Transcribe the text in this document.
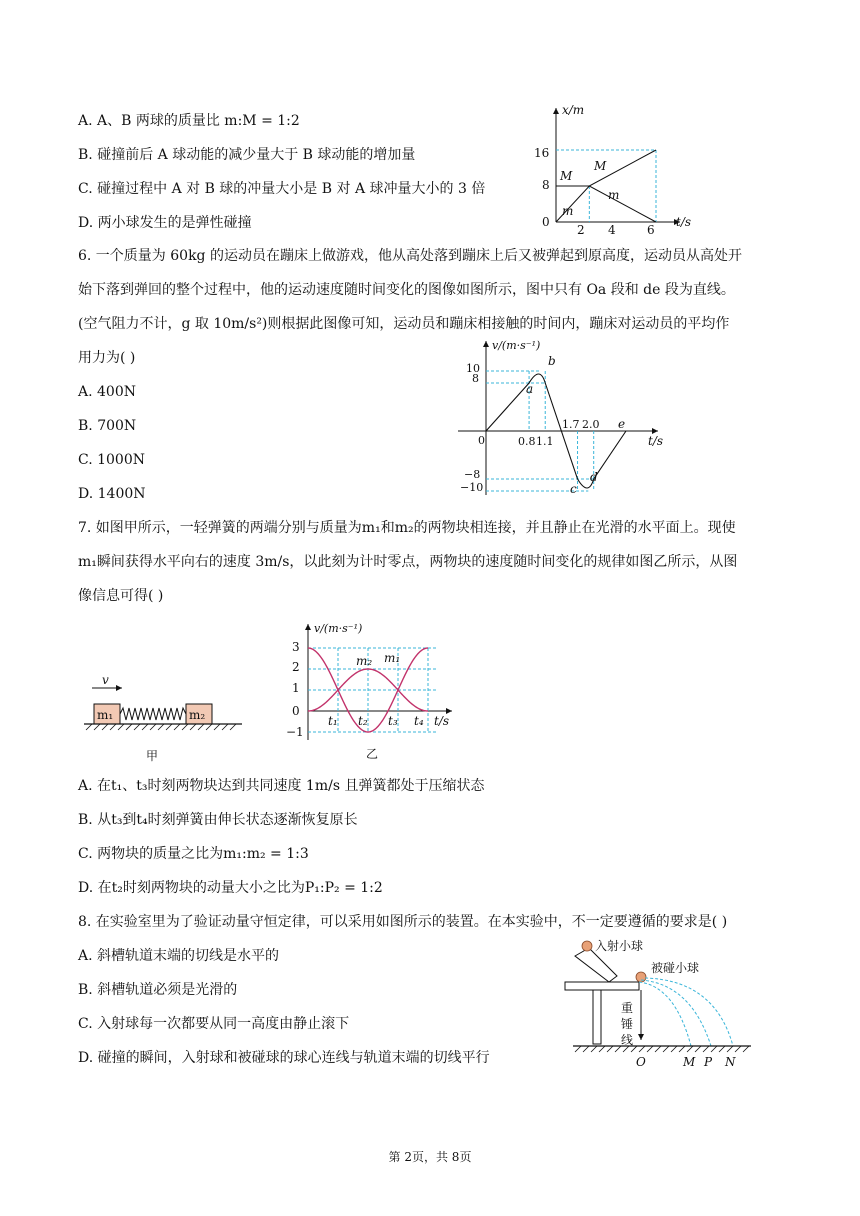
A. A、B 两球的质量比 m:M = 1:2
B. 碰撞前后 A 球动能的减少量大于 B 球动能的增加量
C. 碰撞过程中 A 对 B 球的冲量大小是 B 对 A 球冲量大小的 3 倍
D. 两小球发生的是弹性碰撞
x/m
t/s
16
8
0
2 4	6
M
M
m
m
6. 一个质量为 60kg 的运动员在蹦床上做游戏，他从高处落到蹦床上后又被弹起到原高度，运动员从高处开
始下落到弹回的整个过程中，他的运动速度随时间变化的图像如图所示，图中只有 Oa 段和 de 段为直线。
(空气阻力不计，g 取 10m/s²)则根据此图像可知，运动员和蹦床相接触的时间内，蹦床对运动员的平均作
用力为( )
A. 400N
B. 700N
C. 1000N
D. 1400N
v/(m·s⁻¹)
t/s
0
10
8
−8
−10
0.8 1.1
1.7 2.0
a
b
c
d
e
7. 如图甲所示，一轻弹簧的两端分别与质量为m₁和m₂的两物块相连接，并且静止在光滑的水平面上。现使
m₁瞬间获得水平向右的速度 3m/s，以此刻为计时零点，两物块的速度随时间变化的规律如图乙所示，从图
像信息可得( )
v
m₁	m₂
甲
v/(m·s⁻¹)
t/s
3
2
1
0
−1
t₁ t₂ t₃ t₄
m₂ m₁
乙
A. 在t₁、t₃时刻两物块达到共同速度 1m/s 且弹簧都处于压缩状态
B. 从t₃到t₄时刻弹簧由伸长状态逐渐恢复原长
C. 两物块的质量之比为m₁:m₂ = 1:3
D. 在t₂时刻两物块的动量大小之比为P₁:P₂ = 1:2
8. 在实验室里为了验证动量守恒定律，可以采用如图所示的装置。在本实验中，不一定要遵循的要求是( )
A. 斜槽轨道末端的切线是水平的
B. 斜槽轨道必须是光滑的
C. 入射球每一次都要从同一高度由静止滚下
D. 碰撞的瞬间，入射球和被碰球的球心连线与轨道末端的切线平行
入射小球
被碰小球
重
锤
线
O	M P N
第 2页，共 8页
